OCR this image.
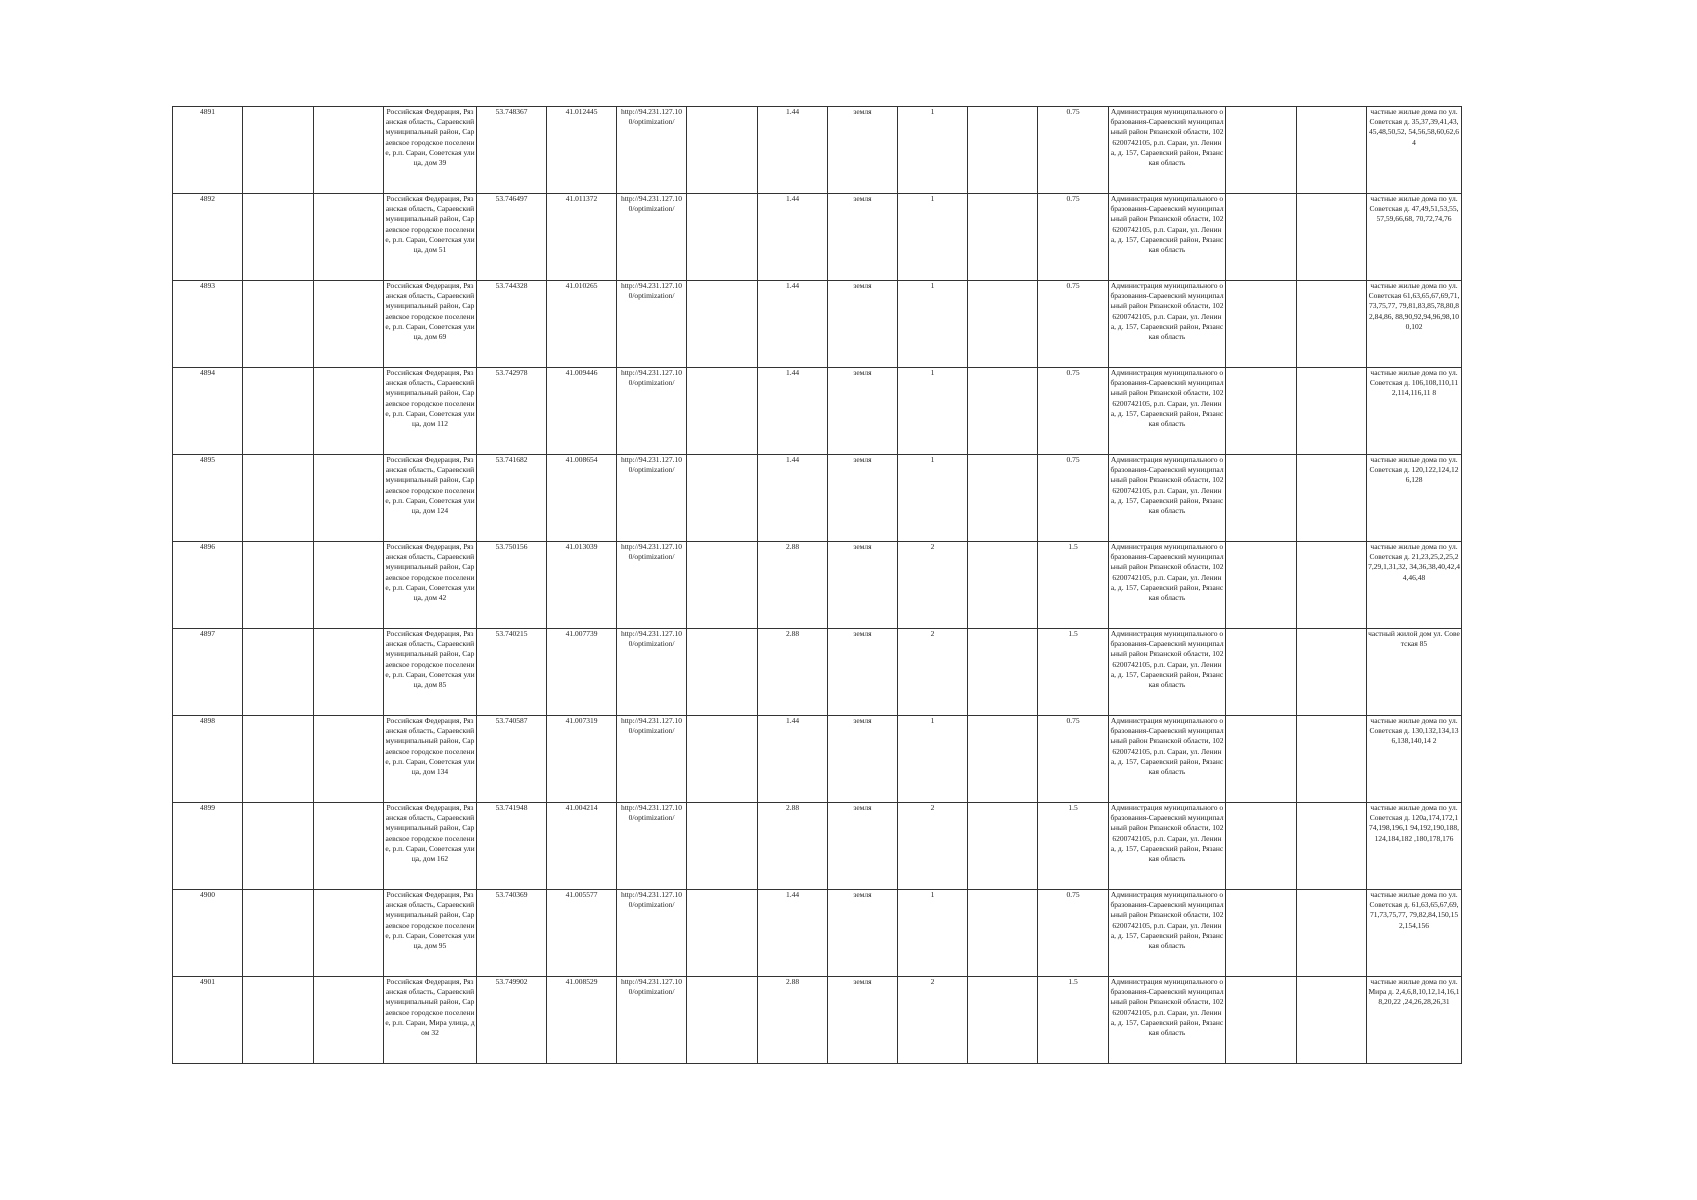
4891			Российская Федерация, Рязанская область, Сараевский муниципальный район, Сараевское городское поселение, р.п. Сараи, Советская улица, дом 39	53.748367	41.012445	http://94.231.127.10 0/optimization/		1.44	земля	1		0.75	Администрация муниципального образования-Сараевский муниципальный район Рязанской области, 1026200742105, р.п. Сараи, ул. Ленина, д. 157, Сараевский район, Рязанская область			частные жилые дома по ул. Советская д. 35,37,39,41,43,45,48,50,52, 54,56,58,60,62,64
4892			Российская Федерация, Рязанская область, Сараевский муниципальный район, Сараевское городское поселение, р.п. Сараи, Советская улица, дом 51	53.746497	41.011372	http://94.231.127.10 0/optimization/		1.44	земля	1		0.75	Администрация муниципального образования-Сараевский муниципальный район Рязанской области, 1026200742105, р.п. Сараи, ул. Ленина, д. 157, Сараевский район, Рязанская область			частные жилые дома по ул. Советская д. 47,49,51,53,55,57,59,66,68, 70,72,74,76
4893			Российская Федерация, Рязанская область, Сараевский муниципальный район, Сараевское городское поселение, р.п. Сараи, Советская улица, дом 69	53.744328	41.010265	http://94.231.127.10 0/optimization/		1.44	земля	1		0.75	Администрация муниципального образования-Сараевский муниципальный район Рязанской области, 1026200742105, р.п. Сараи, ул. Ленина, д. 157, Сараевский район, Рязанская область			частные жилые дома по ул. Советская 61,63,65,67,69,71,73,75,77, 79,81,83,85,78,80,82,84,86, 88,90,92,94,96,98,100,102
4894			Российская Федерация, Рязанская область, Сараевский муниципальный район, Сараевское городское поселение, р.п. Сараи, Советская улица, дом 112	53.742978	41.009446	http://94.231.127.10 0/optimization/		1.44	земля	1		0.75	Администрация муниципального образования-Сараевский муниципальный район Рязанской области, 1026200742105, р.п. Сараи, ул. Ленина, д. 157, Сараевский район, Рязанская область			частные жилые дома по ул. Советская д. 106,108,110,112,114,116,11 8
4895			Российская Федерация, Рязанская область, Сараевский муниципальный район, Сараевское городское поселение, р.п. Сараи, Советская улица, дом 124	53.741682	41.008654	http://94.231.127.10 0/optimization/		1.44	земля	1		0.75	Администрация муниципального образования-Сараевский муниципальный район Рязанской области, 1026200742105, р.п. Сараи, ул. Ленина, д. 157, Сараевский район, Рязанская область			частные жилые дома по ул. Советская д. 120,122,124,126,128
4896			Российская Федерация, Рязанская область, Сараевский муниципальный район, Сараевское городское поселение, р.п. Сараи, Советская улица, дом 42	53.750156	41.013039	http://94.231.127.10 0/optimization/		2.88	земля	2		1.5	Администрация муниципального образования-Сараевский муниципальный район Рязанской области, 1026200742105, р.п. Сараи, ул. Ленина, д. 157, Сараевский район, Рязанская область			частные жилые дома по ул. Советская д. 21,23,25,2,25,27,29,1,31,32, 34,36,38,40,42,44,46,48
4897			Российская Федерация, Рязанская область, Сараевский муниципальный район, Сараевское городское поселение, р.п. Сараи, Советская улица, дом 85	53.740215	41.007739	http://94.231.127.10 0/optimization/		2.88	земля	2		1.5	Администрация муниципального образования-Сараевский муниципальный район Рязанской области, 1026200742105, р.п. Сараи, ул. Ленина, д. 157, Сараевский район, Рязанская область			частный жилой дом ул. Советская 85
4898			Российская Федерация, Рязанская область, Сараевский муниципальный район, Сараевское городское поселение, р.п. Сараи, Советская улица, дом 134	53.740587	41.007319	http://94.231.127.10 0/optimization/		1.44	земля	1		0.75	Администрация муниципального образования-Сараевский муниципальный район Рязанской области, 1026200742105, р.п. Сараи, ул. Ленина, д. 157, Сараевский район, Рязанская область			частные жилые дома по ул. Советская д. 130,132,134,136,138,140,14 2
4899			Российская Федерация, Рязанская область, Сараевский муниципальный район, Сараевское городское поселение, р.п. Сараи, Советская улица, дом 162	53.741948	41.004214	http://94.231.127.10 0/optimization/		2.88	земля	2		1.5	Администрация муниципального образования-Сараевский муниципальный район Рязанской области, 1026200742105, р.п. Сараи, ул. Ленина, д. 157, Сараевский район, Рязанская область			частные жилые дома по ул. Советская д. 120а,174,172,174,198,196,1 94,192,190,188,124,184,182 ,180,178,176
4900			Российская Федерация, Рязанская область, Сараевский муниципальный район, Сараевское городское поселение, р.п. Сараи, Советская улица, дом 95	53.740369	41.005577	http://94.231.127.10 0/optimization/		1.44	земля	1		0.75	Администрация муниципального образования-Сараевский муниципальный район Рязанской области, 1026200742105, р.п. Сараи, ул. Ленина, д. 157, Сараевский район, Рязанская область			частные жилые дома по ул. Советская д. 61,63,65,67,69,71,73,75,77, 79,82,84,150,152,154,156
4901			Российская Федерация, Рязанская область, Сараевский муниципальный район, Сараевское городское поселение, р.п. Сараи, Мира улица, дом 32	53.749902	41.008529	http://94.231.127.10 0/optimization/		2.88	земля	2		1.5	Администрация муниципального образования-Сараевский муниципальный район Рязанской области, 1026200742105, р.п. Сараи, ул. Ленина, д. 157, Сараевский район, Рязанская область			частные жилые дома по ул. Мира д. 2,4,6,8,10,12,14,16,18,20,22 ,24,26,28,26,31
